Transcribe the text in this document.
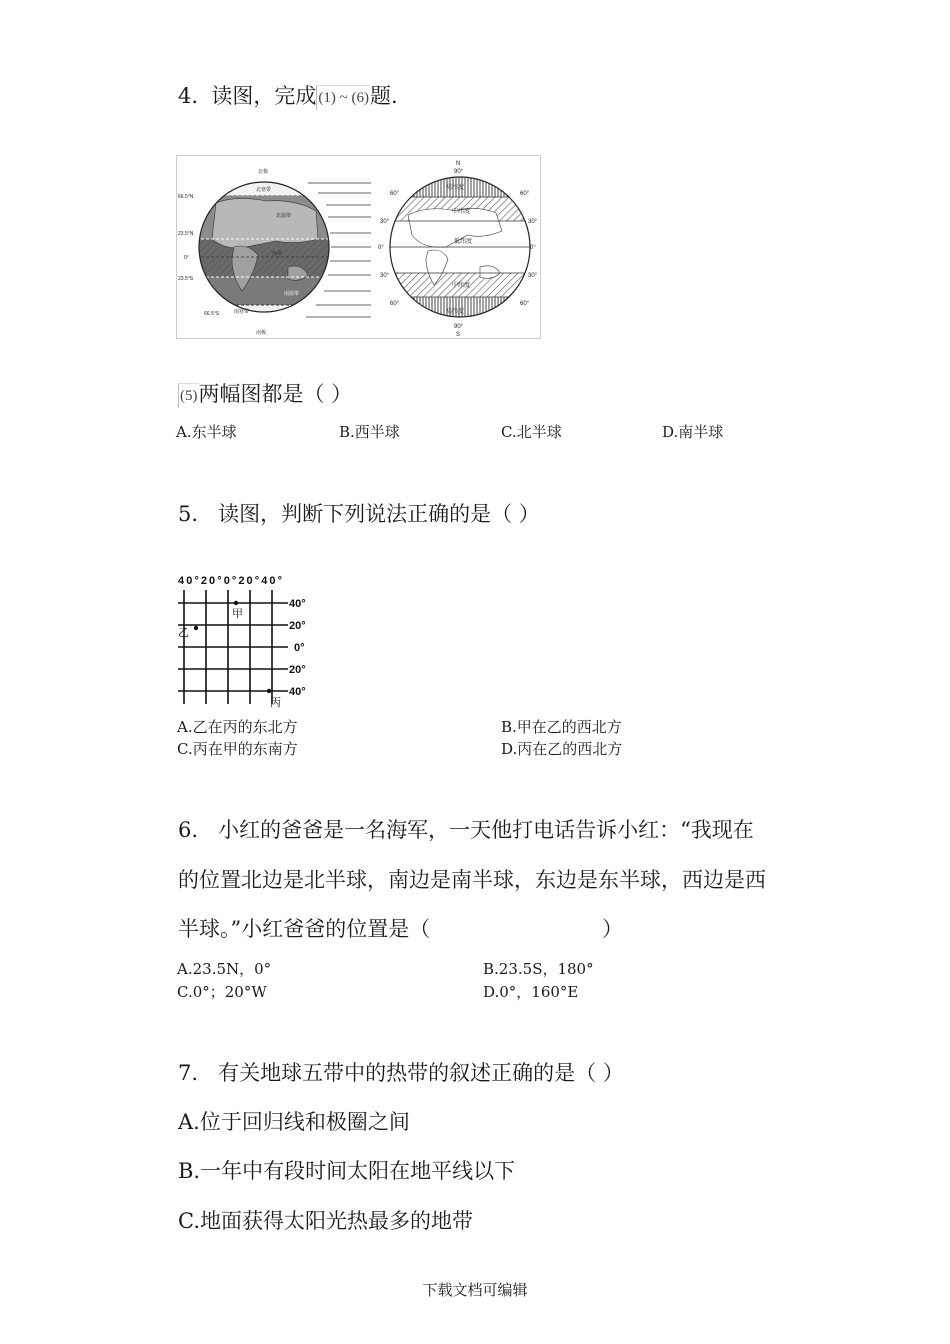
4. 读图，完成 (1) ~ (6)题.
北极
南极
66.5°N
23.5°N
0°
23.5°S
66.5°S
北寒带
北温带
热带
南温带
南寒带
N
90°
90°
S
60°
30°
0°
30°
60°
60°
30°
0°
30°
60°
高纬度
中纬度
低纬度
中纬度
高纬度
(5)两幅图都是（ ）
A.东半球	B.西半球	C.北半球	D.南半球
5. 读图，判断下列说法正确的是（ ）
40°20°0°20°40°
40°
20°
0°
20°
40°
甲
乙
丙
A.乙在丙的东北方	B.甲在乙的西北方
C.丙在甲的东南方	D.丙在乙的西北方
6. 小红的爸爸是一名海军，一天他打电话告诉小红：“我现在
的位置北边是北半球，南边是南半球，东边是东半球，西边是西
半球。”小红爸爸的位置是（	）
A.23.5N，0°	B.23.5S，180°
C.0°；20°W	D.0°，160°E
7. 有关地球五带中的热带的叙述正确的是（ ）
A.位于回归线和极圈之间
B.一年中有段时间太阳在地平线以下
C.地面获得太阳光热最多的地带
下载文档可编辑
